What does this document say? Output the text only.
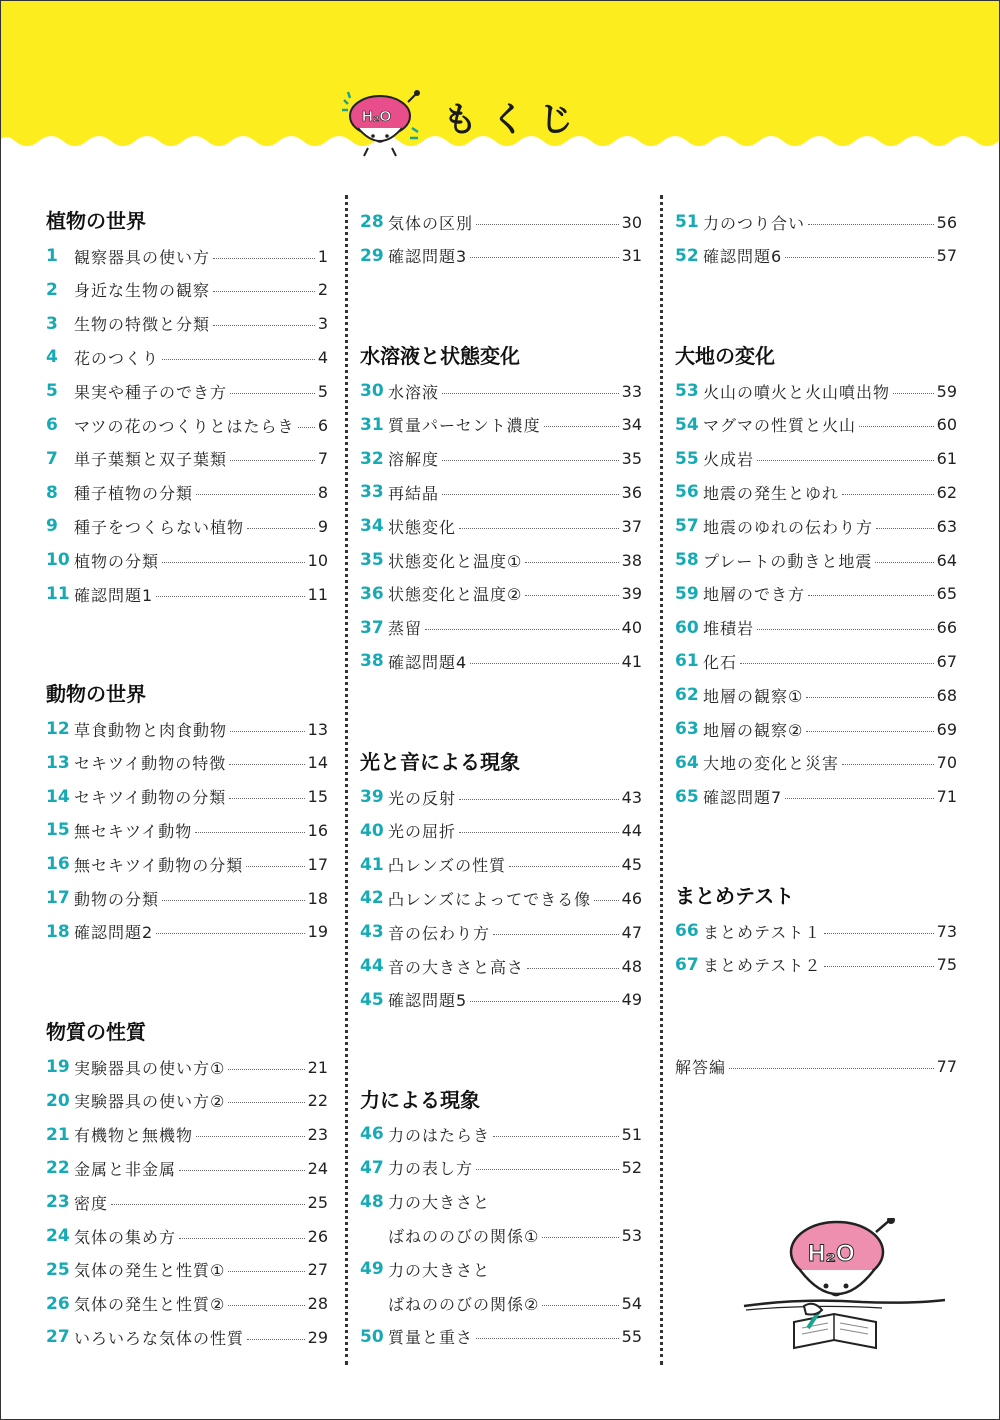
H₂O もくじ
植物の世界
1	観察器具の使い方	1
2	身近な生物の観察	2
3	生物の特徴と分類	3
4	花のつくり	4
5	果実や種子のでき方	5
6	マツの花のつくりとはたらき 6
7	単子葉類と双子葉類	7
8	種子植物の分類	8
9	種子をつくらない植物	9
10 植物の分類	10
11 確認問題1	11
動物の世界
12 草食動物と肉食動物	13
13 セキツイ動物の特徴	14
14 セキツイ動物の分類	15
15 無セキツイ動物	16
16 無セキツイ動物の分類	17
17 動物の分類	18
18 確認問題2	19
物質の性質
19 実験器具の使い方①	21
20 実験器具の使い方②	22
21 有機物と無機物	23
22 金属と非金属	24
23 密度	25
24 気体の集め方	26
25 気体の発生と性質①	27
26 気体の発生と性質②	28
27 いろいろな気体の性質	29
28 気体の区別	30
29 確認問題3	31
水溶液と状態変化
30 水溶液	33
31 質量パーセント濃度	34
32 溶解度	35
33 再結晶	36
34 状態変化	37
35 状態変化と温度①	38
36 状態変化と温度②	39
37 蒸留	40
38 確認問題4	41
光と音による現象
39 光の反射	43
40 光の屈折	44
41 凸レンズの性質	45
42 凸レンズによってできる像 46
43 音の伝わり方	47
44 音の大きさと高さ	48
45 確認問題5	49
力による現象
46 力のはたらき	51
47 力の表し方	52
48 力の大きさと
ばねののびの関係①	53
49 力の大きさと
ばねののびの関係②	54
50 質量と重さ	55
51 力のつり合い	56
52 確認問題6	57
大地の変化
53 火山の噴火と火山噴出物	59
54 マグマの性質と火山	60
55 火成岩	61
56 地震の発生とゆれ	62
57 地震のゆれの伝わり方	63
58 プレートの動きと地震	64
59 地層のでき方	65
60 堆積岩	66
61 化石	67
62 地層の観察①	68
63 地層の観察②	69
64 大地の変化と災害	70
65 確認問題7	71
まとめテスト
66 まとめテスト１	73
67 まとめテスト２	75
解答編	77
H₂O
